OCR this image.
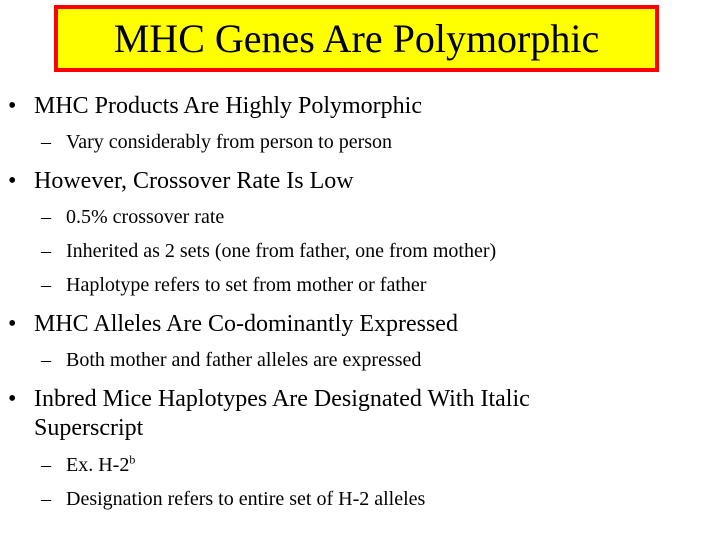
MHC Genes Are Polymorphic
• MHC Products Are Highly Polymorphic
– Vary considerably from person to person
• However, Crossover Rate Is Low
– 0.5% crossover rate
– Inherited as 2 sets (one from father, one from mother)
– Haplotype refers to set from mother or father
• MHC Alleles Are Co-dominantly Expressed
– Both mother and father alleles are expressed
• Inbred Mice Haplotypes Are Designated With Italic
Superscript
– Ex. H-2$^b$
– Designation refers to entire set of H-2 alleles
